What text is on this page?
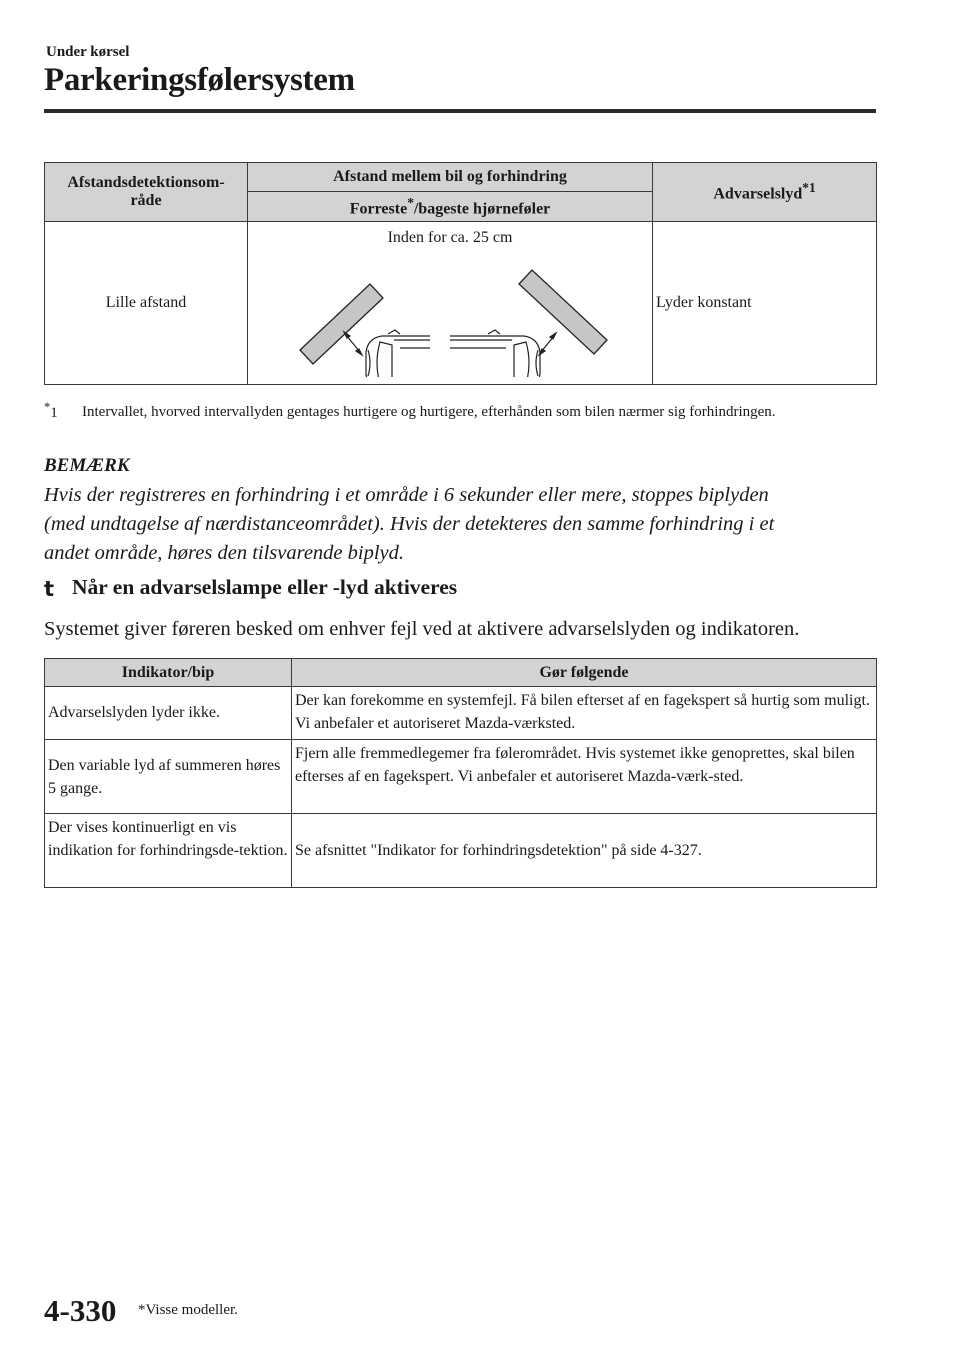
Under kørsel
Parkeringsfølersystem
Afstandsdetektionsom-
råde	Afstand mellem bil og forhindring	Advarselslyd$^{*1}$
	Forreste*/bageste hjørneføler	
Lille afstand	Inden for ca. 25 cm	Lyder konstant
*1 Intervallet, hvorved intervallyden gentages hurtigere og hurtigere, efterhånden som bilen nærmer sig forhindringen.
BEMÆRK
Hvis der registreres en forhindring i et område i 6 sekunder eller mere, stoppes biplyden
(med undtagelse af nærdistanceområdet). Hvis der detekteres den samme forhindring i et
andet område, høres den tilsvarende biplyd.
t Når en advarselslampe eller -lyd aktiveres
Systemet giver føreren besked om enhver fejl ved at aktivere advarselslyden og indikatoren.
Indikator/bip	Gør følgende
Advarselslyden lyder ikke.	Der kan forekomme en systemfejl. Få bilen efterset af en fagekspert så hurtig som muligt. Vi anbefaler et autoriseret Mazda-værksted.
Den variable lyd af summeren høres 5 gange.	Fjern alle fremmedlegemer fra følerområdet. Hvis systemet ikke genoprettes, skal bilen efterses af en fagekspert. Vi anbefaler et autoriseret Mazda-værk-sted.
Der vises kontinuerligt en vis indikation for forhindringsde-tektion.	Se afsnittet "Indikator for forhindringsdetektion" på side 4-327.
4-330 *Visse modeller.
